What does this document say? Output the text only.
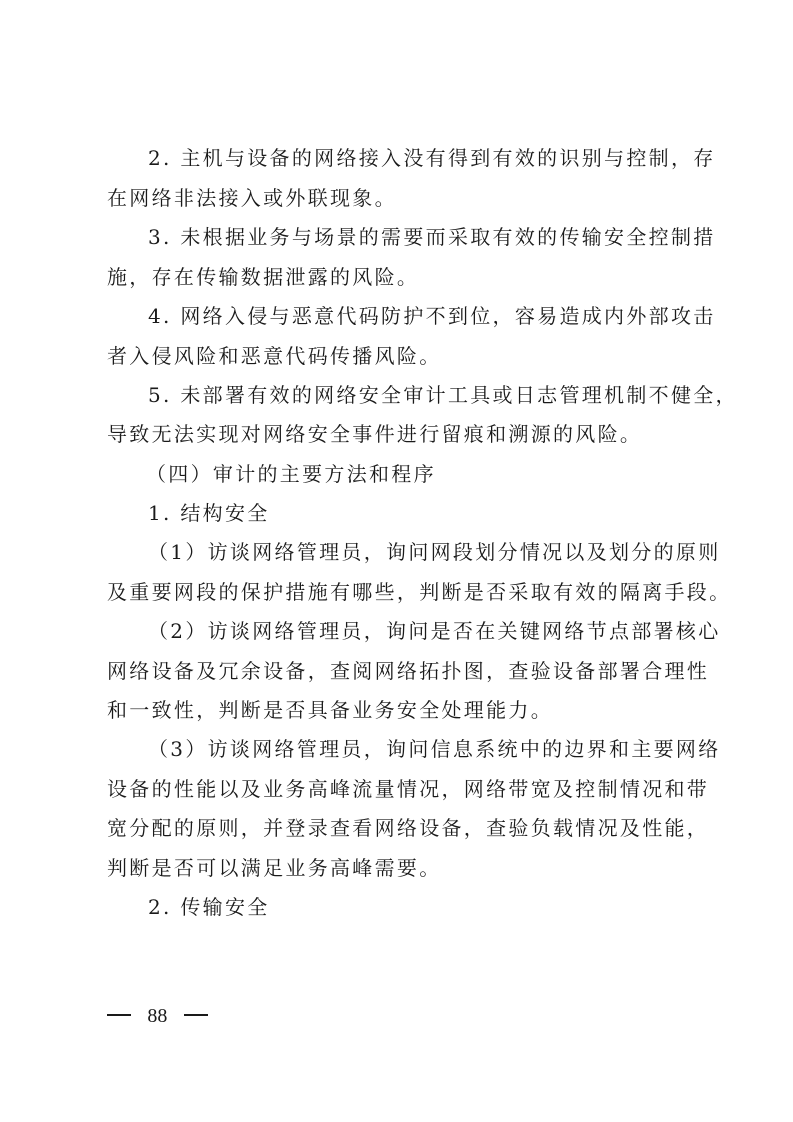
2. 主机与设备的网络接入没有得到有效的识别与控制，存
在网络非法接入或外联现象。
3. 未根据业务与场景的需要而采取有效的传输安全控制措
施，存在传输数据泄露的风险。
4. 网络入侵与恶意代码防护不到位，容易造成内外部攻击
者入侵风险和恶意代码传播风险。
5. 未部署有效的网络安全审计工具或日志管理机制不健全，
导致无法实现对网络安全事件进行留痕和溯源的风险。
（四）审计的主要方法和程序
1. 结构安全
（1）访谈网络管理员，询问网段划分情况以及划分的原则
及重要网段的保护措施有哪些，判断是否采取有效的隔离手段。
（2）访谈网络管理员，询问是否在关键网络节点部署核心
网络设备及冗余设备，查阅网络拓扑图，查验设备部署合理性
和一致性，判断是否具备业务安全处理能力。
（3）访谈网络管理员，询问信息系统中的边界和主要网络
设备的性能以及业务高峰流量情况，网络带宽及控制情况和带
宽分配的原则，并登录查看网络设备，查验负载情况及性能，
判断是否可以满足业务高峰需要。
2. 传输安全
88
